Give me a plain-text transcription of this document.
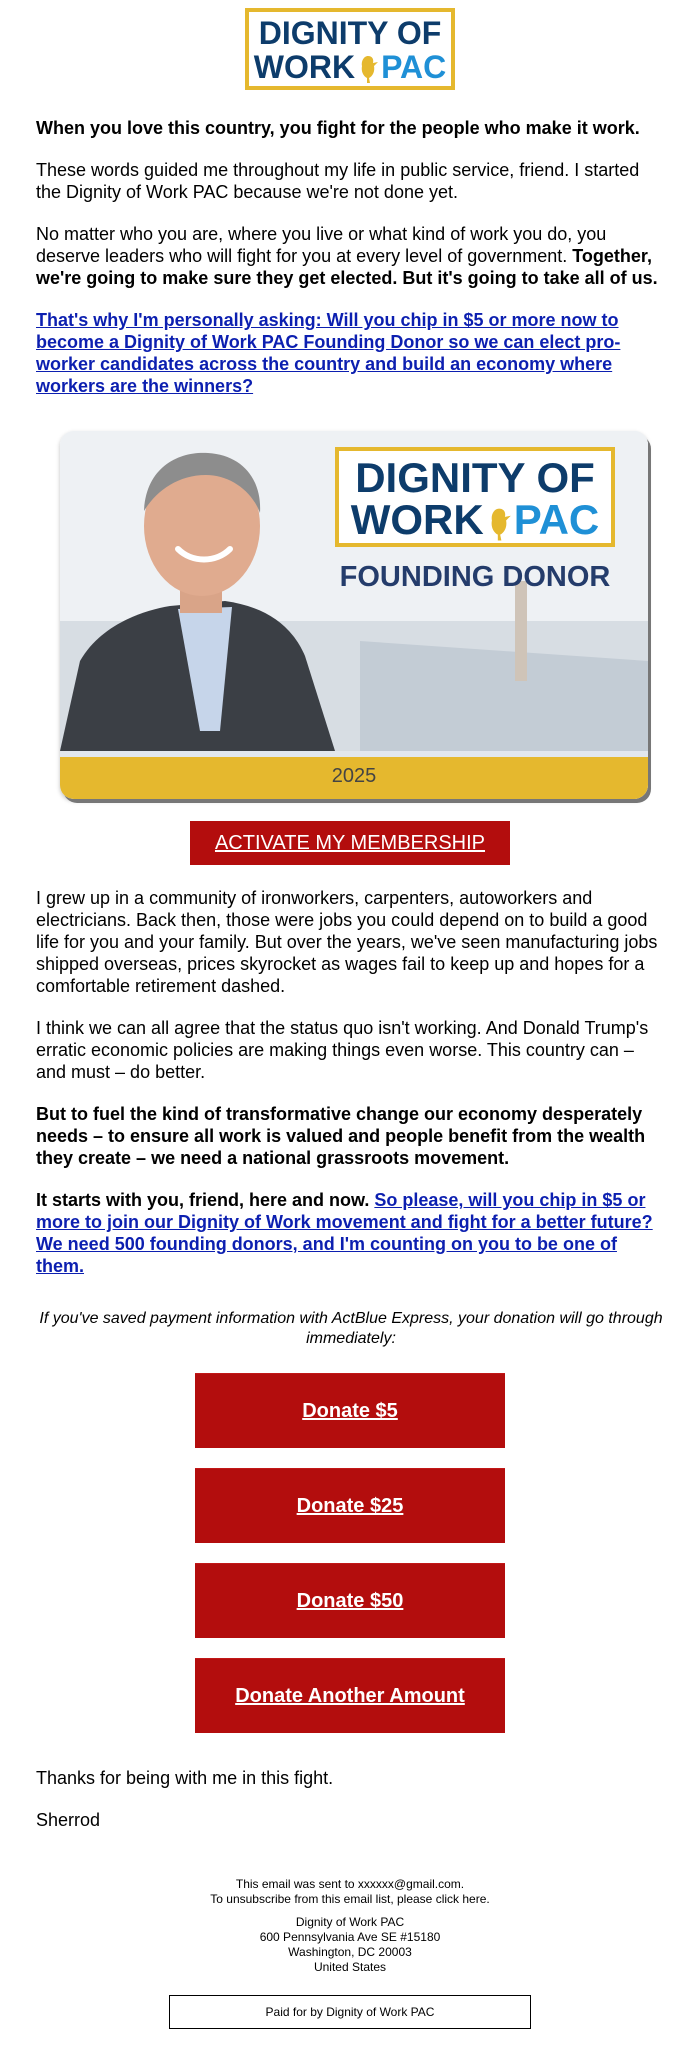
DIGNITY OF
WORK PAC

When you love this country, you fight for the people who make it work.

These words guided me throughout my life in public service, friend. I started the Dignity of Work PAC because we're not done yet.

No matter who you are, where you live or what kind of work you do, you deserve leaders who will fight for you at every level of government. Together, we're going to make sure they get elected. But it's going to take all of us.

That's why I'm personally asking: Will you chip in $5 or more now to become a Dignity of Work PAC Founding Donor so we can elect pro-worker candidates across the country and build an economy where workers are the winners?

DIGNITY OF
WORK PAC
FOUNDING DONOR
2025
ACTIVATE MY MEMBERSHIP

I grew up in a community of ironworkers, carpenters, autoworkers and electricians. Back then, those were jobs you could depend on to build a good life for you and your family. But over the years, we've seen manufacturing jobs shipped overseas, prices skyrocket as wages fail to keep up and hopes for a comfortable retirement dashed.

I think we can all agree that the status quo isn't working. And Donald Trump's erratic economic policies are making things even worse. This country can – and must – do better.

But to fuel the kind of transformative change our economy desperately needs – to ensure all work is valued and people benefit from the wealth they create – we need a national grassroots movement.

It starts with you, friend, here and now. So please, will you chip in $5 or more to join our Dignity of Work movement and fight for a better future? We need 500 founding donors, and I'm counting on you to be one of them.

If you've saved payment information with ActBlue Express, your donation will go through immediately:

Donate $5
Donate $25
Donate $50
Donate Another Amount

Thanks for being with me in this fight.

Sherrod

This email was sent to xxxxxx@gmail.com.
To unsubscribe from this email list, please click here.
Dignity of Work PAC
600 Pennsylvania Ave SE #15180
Washington, DC 20003
United States
Paid for by Dignity of Work PAC
